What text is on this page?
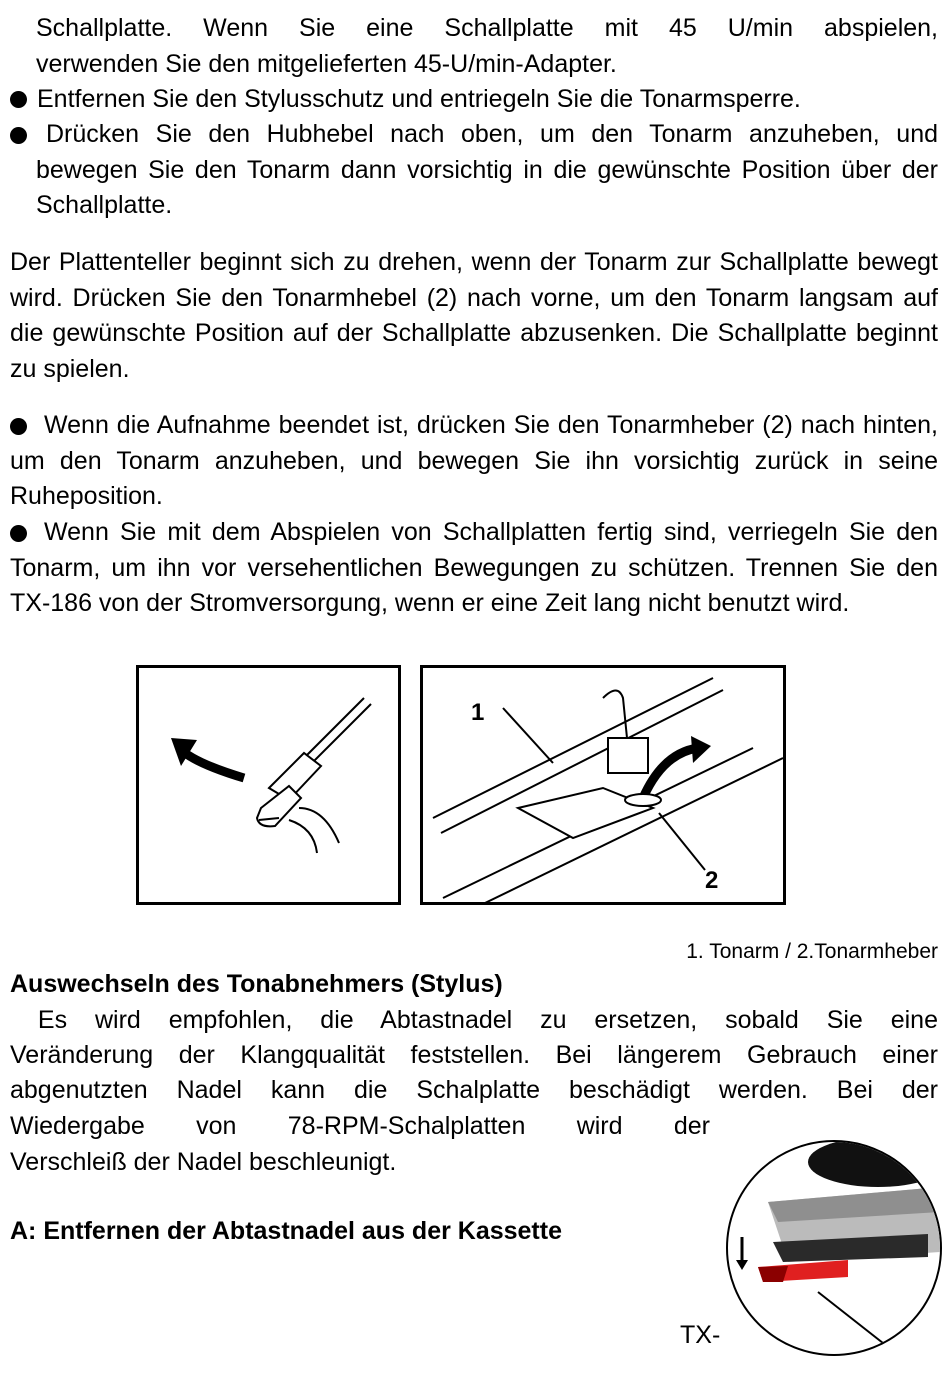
Schallplatte. Wenn Sie eine Schallplatte mit 45 U/min abspielen,

verwenden Sie den mitgelieferten 45-U/min-Adapter.

Entfernen Sie den Stylusschutz und entriegeln Sie die Tonarmsperre.

Drücken Sie den Hubhebel nach oben, um den Tonarm anzuheben, und bewegen Sie den Tonarm dann vorsichtig in die gewünschte Position über der Schallplatte.

Der Plattenteller beginnt sich zu drehen, wenn der Tonarm zur Schallplatte bewegt wird. Drücken Sie den Tonarmhebel (2) nach vorne, um den Tonarm langsam auf die gewünschte Position auf der Schallplatte abzusenken. Die Schallplatte beginnt zu spielen.

Wenn die Aufnahme beendet ist, drücken Sie den Tonarmheber (2) nach hinten, um den Tonarm anzuheben, und bewegen Sie ihn vorsichtig zurück in seine Ruheposition.

Wenn Sie mit dem Abspielen von Schallplatten fertig sind, verriegeln Sie den Tonarm, um ihn vor versehentlichen Bewegungen zu schützen. Trennen Sie den TX-186 von der Stromversorgung, wenn er eine Zeit lang nicht benutzt wird.

1
2
1. Tonarm / 2.Tonarmheber

Auswechseln des Tonabnehmers (Stylus)

Es wird empfohlen, die Abtastnadel zu ersetzen, sobald Sie eine

Veränderung der Klangqualität feststellen. Bei längerem Gebrauch einer

abgenutzten Nadel kann die Schalplatte beschädigt werden. Bei der

Wiedergabe von 78-RPM-Schalplatten wird der

Verschleiß der Nadel beschleunigt.

A: Entfernen der Abtastnadel aus der Kassette

A
TX-
